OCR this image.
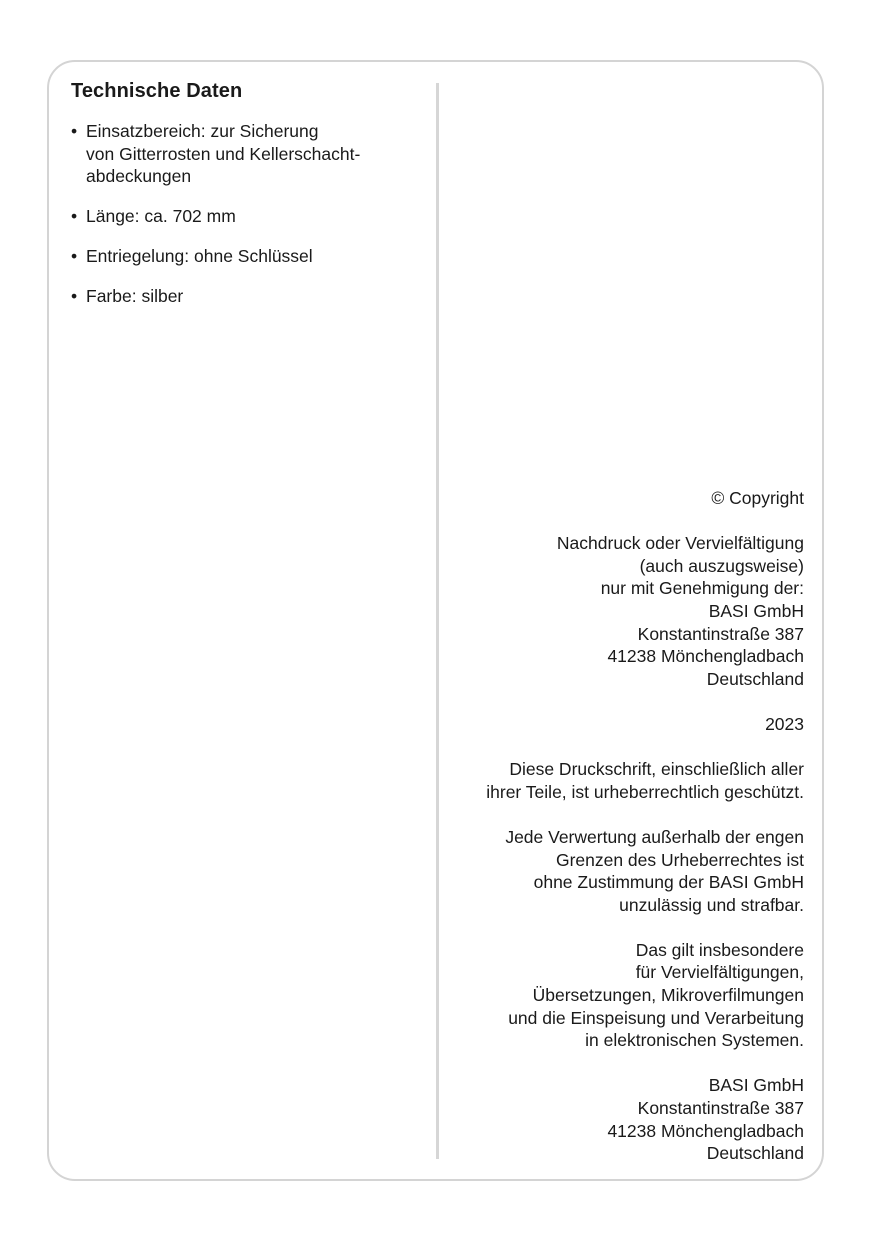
Technische Daten
• Einsatzbereich: zur Sicherung
von Gitterrosten und Kellerschacht-
abdeckungen
• Länge: ca. 702 mm
• Entriegelung: ohne Schlüssel
• Farbe: silber

© Copyright

Nachdruck oder Vervielfältigung
(auch auszugsweise)
nur mit Genehmigung der:
BASI GmbH
Konstantinstraße 387
41238 Mönchengladbach
Deutschland

2023

Diese Druckschrift, einschließlich aller
ihrer Teile, ist urheberrechtlich geschützt.

Jede Verwertung außerhalb der engen
Grenzen des Urheberrechtes ist
ohne Zustimmung der BASI GmbH
unzulässig und strafbar.

Das gilt insbesondere
für Vervielfältigungen,
Übersetzungen, Mikroverfilmungen
und die Einspeisung und Verarbeitung
in elektronischen Systemen.

BASI GmbH
Konstantinstraße 387
41238 Mönchengladbach
Deutschland
